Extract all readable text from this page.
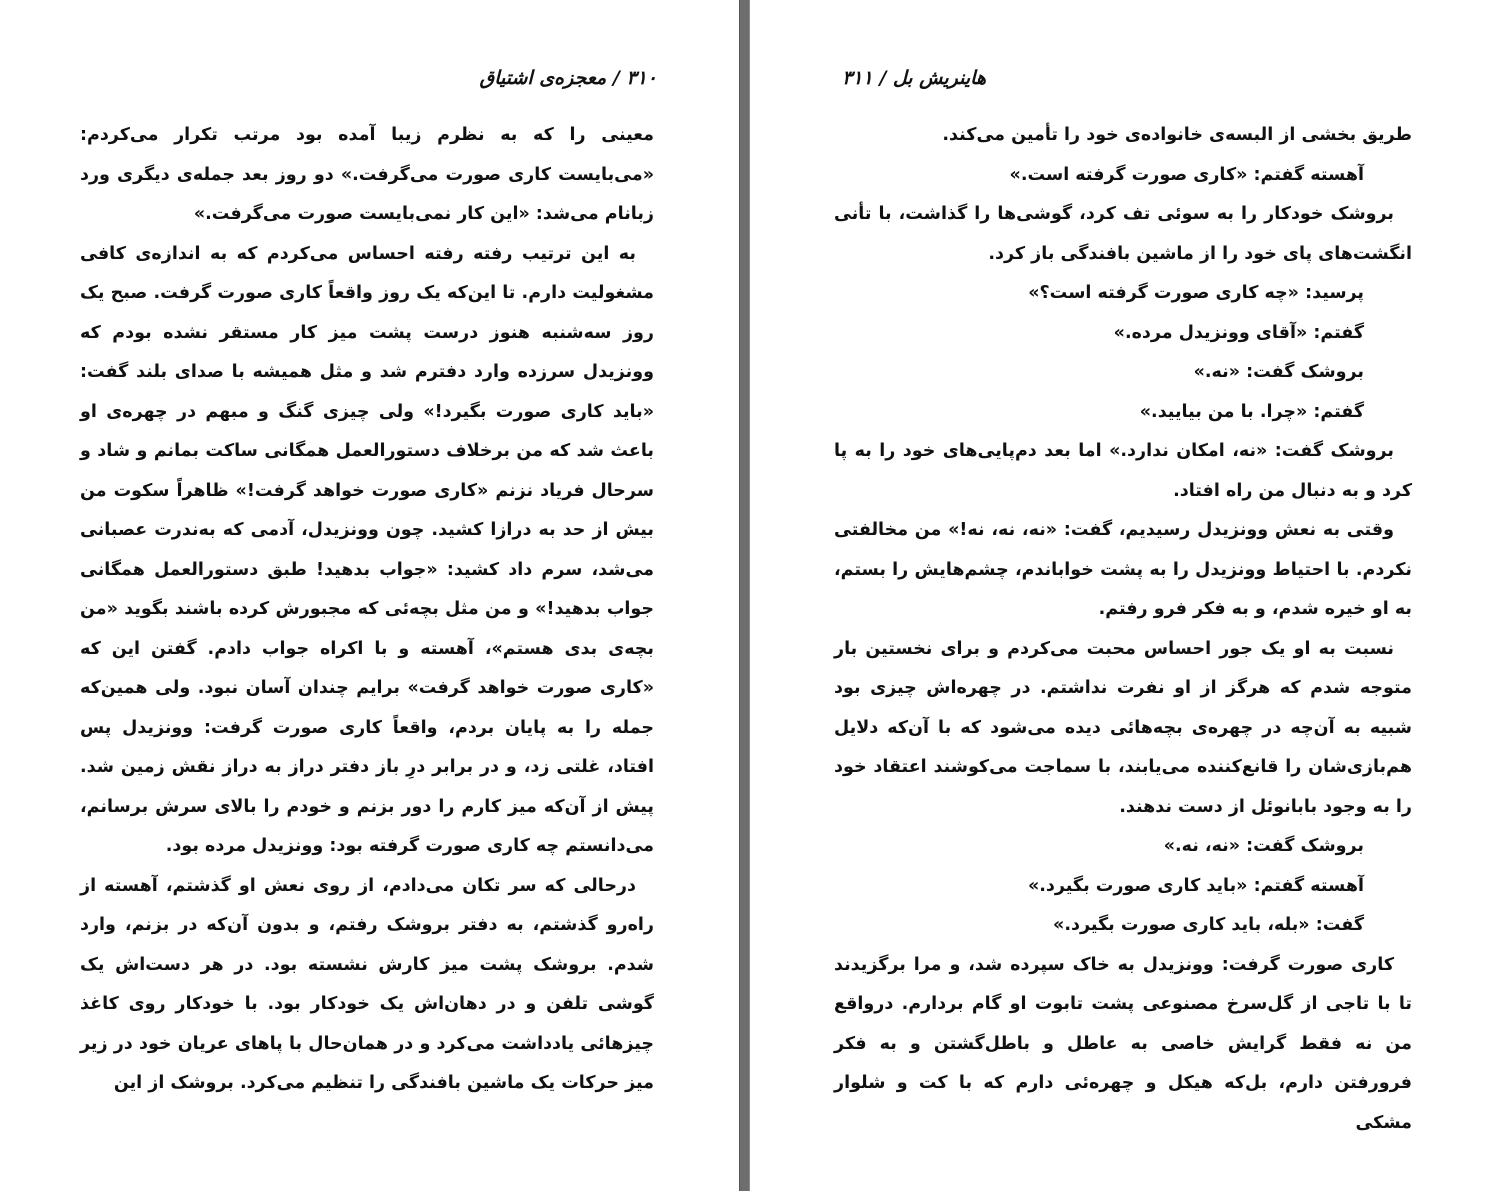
۳۱۰ / معجزه‌ی اشتیاق

معینی را که به نظرم زیبا آمده بود مرتب تکرار می‌کردم: «می‌بایست کاری صورت می‌گرفت.» دو روز بعد جمله‌ی دیگری ورد زبانام می‌شد: «این کار نمی‌بایست صورت می‌گرفت.»

به این ترتیب رفته رفته احساس می‌کردم که به اندازه‌ی کافی مشغولیت دارم. تا این‌که یک روز واقعاً کاری صورت گرفت. صبح یک روز سه‌شنبه هنوز درست پشت میز کار مستقر نشده بودم که وونزیدل سرزده وارد دفترم شد و مثل همیشه با صدای بلند گفت: «باید کاری صورت بگیرد!» ولی چیزی گنگ و مبهم در چهره‌ی او باعث شد که من برخلاف دستورالعمل همگانی ساکت بمانم و شاد و سرحال فریاد نزنم «کاری صورت خواهد گرفت!» ظاهراً سکوت من بیش از حد به درازا کشید. چون وونزیدل، آدمی که به‌ندرت عصبانی می‌شد، سرم داد کشید: «جواب بدهید! طبق دستورالعمل همگانی جواب بدهید!» و من مثل بچه‌ئی که مجبورش کرده باشند بگوید «من بچه‌ی بدی هستم»، آهسته و با اکراه جواب دادم. گفتن این که «کاری صورت خواهد گرفت» برایم چندان آسان نبود. ولی همین‌که جمله را به پایان بردم، واقعاً کاری صورت گرفت: وونزیدل پس افتاد، غلتی زد، و در برابر درِ باز دفتر دراز به دراز نقش زمین شد. پیش از آن‌که میز کارم را دور بزنم و خودم را بالای سرش برسانم، می‌دانستم چه کاری صورت گرفته بود: وونزیدل مرده بود.

درحالی که سر تکان می‌دادم، از روی نعش او گذشتم، آهسته از راه‌رو گذشتم، به دفتر بروشک رفتم، و بدون آن‌که در بزنم، وارد شدم. بروشک پشت میز کارش نشسته بود. در هر دست‌اش یک گوشی تلفن و در دهان‌اش یک خودکار بود. با خودکار روی کاغذ چیزهائی یادداشت می‌کرد و در همان‌حال با پاهای عریان خود در زیر میز حرکات یک ماشین بافندگی را تنظیم می‌کرد. بروشک از این

هاینریش بل / ۳۱۱

طریق بخشی از البسه‌ی خانواده‌ی خود را تأمین می‌کند.

آهسته گفتم: «کاری صورت گرفته است.»

بروشک خودکار را به سوئی تف کرد، گوشی‌ها را گذاشت، با تأنی انگشت‌های پای خود را از ماشین بافندگی باز کرد.

پرسید: «چه کاری صورت گرفته است؟»

گفتم: «آقای وونزیدل مرده.»

بروشک گفت: «نه.»

گفتم: «چرا. با من بیایید.»

بروشک گفت: «نه، امکان ندارد.» اما بعد دم‌پایی‌های خود را به پا کرد و به دنبال من راه افتاد.

وقتی به نعش وونزیدل رسیدیم، گفت: «نه، نه، نه!» من مخالفتی نکردم. با احتیاط وونزیدل را به پشت خواباندم، چشم‌هایش را بستم، به او خیره شدم، و به فکر فرو رفتم.

نسبت به او یک جور احساس محبت می‌کردم و برای نخستین بار متوجه شدم که هرگز از او نفرت نداشتم. در چهره‌اش چیزی بود شبیه به آن‌چه در چهره‌ی بچه‌هائی دیده می‌شود که با آن‌که دلایل هم‌بازی‌شان را قانع‌کننده می‌یابند، با سماجت می‌کوشند اعتقاد خود را به وجود بابانوئل از دست ندهند.

بروشک گفت: «نه، نه.»

آهسته گفتم: «باید کاری صورت بگیرد.»

گفت: «بله، باید کاری صورت بگیرد.»

کاری صورت گرفت: وونزیدل به خاک سپرده شد، و مرا برگزیدند تا با تاجی از گل‌سرخ مصنوعی پشت تابوت او گام بردارم. درواقع من نه فقط گرایش خاصی به عاطل و باطل‌گشتن و به فکر فرورفتن دارم، بل‌که هیکل و چهره‌ئی دارم که با کت و شلوار مشکی
